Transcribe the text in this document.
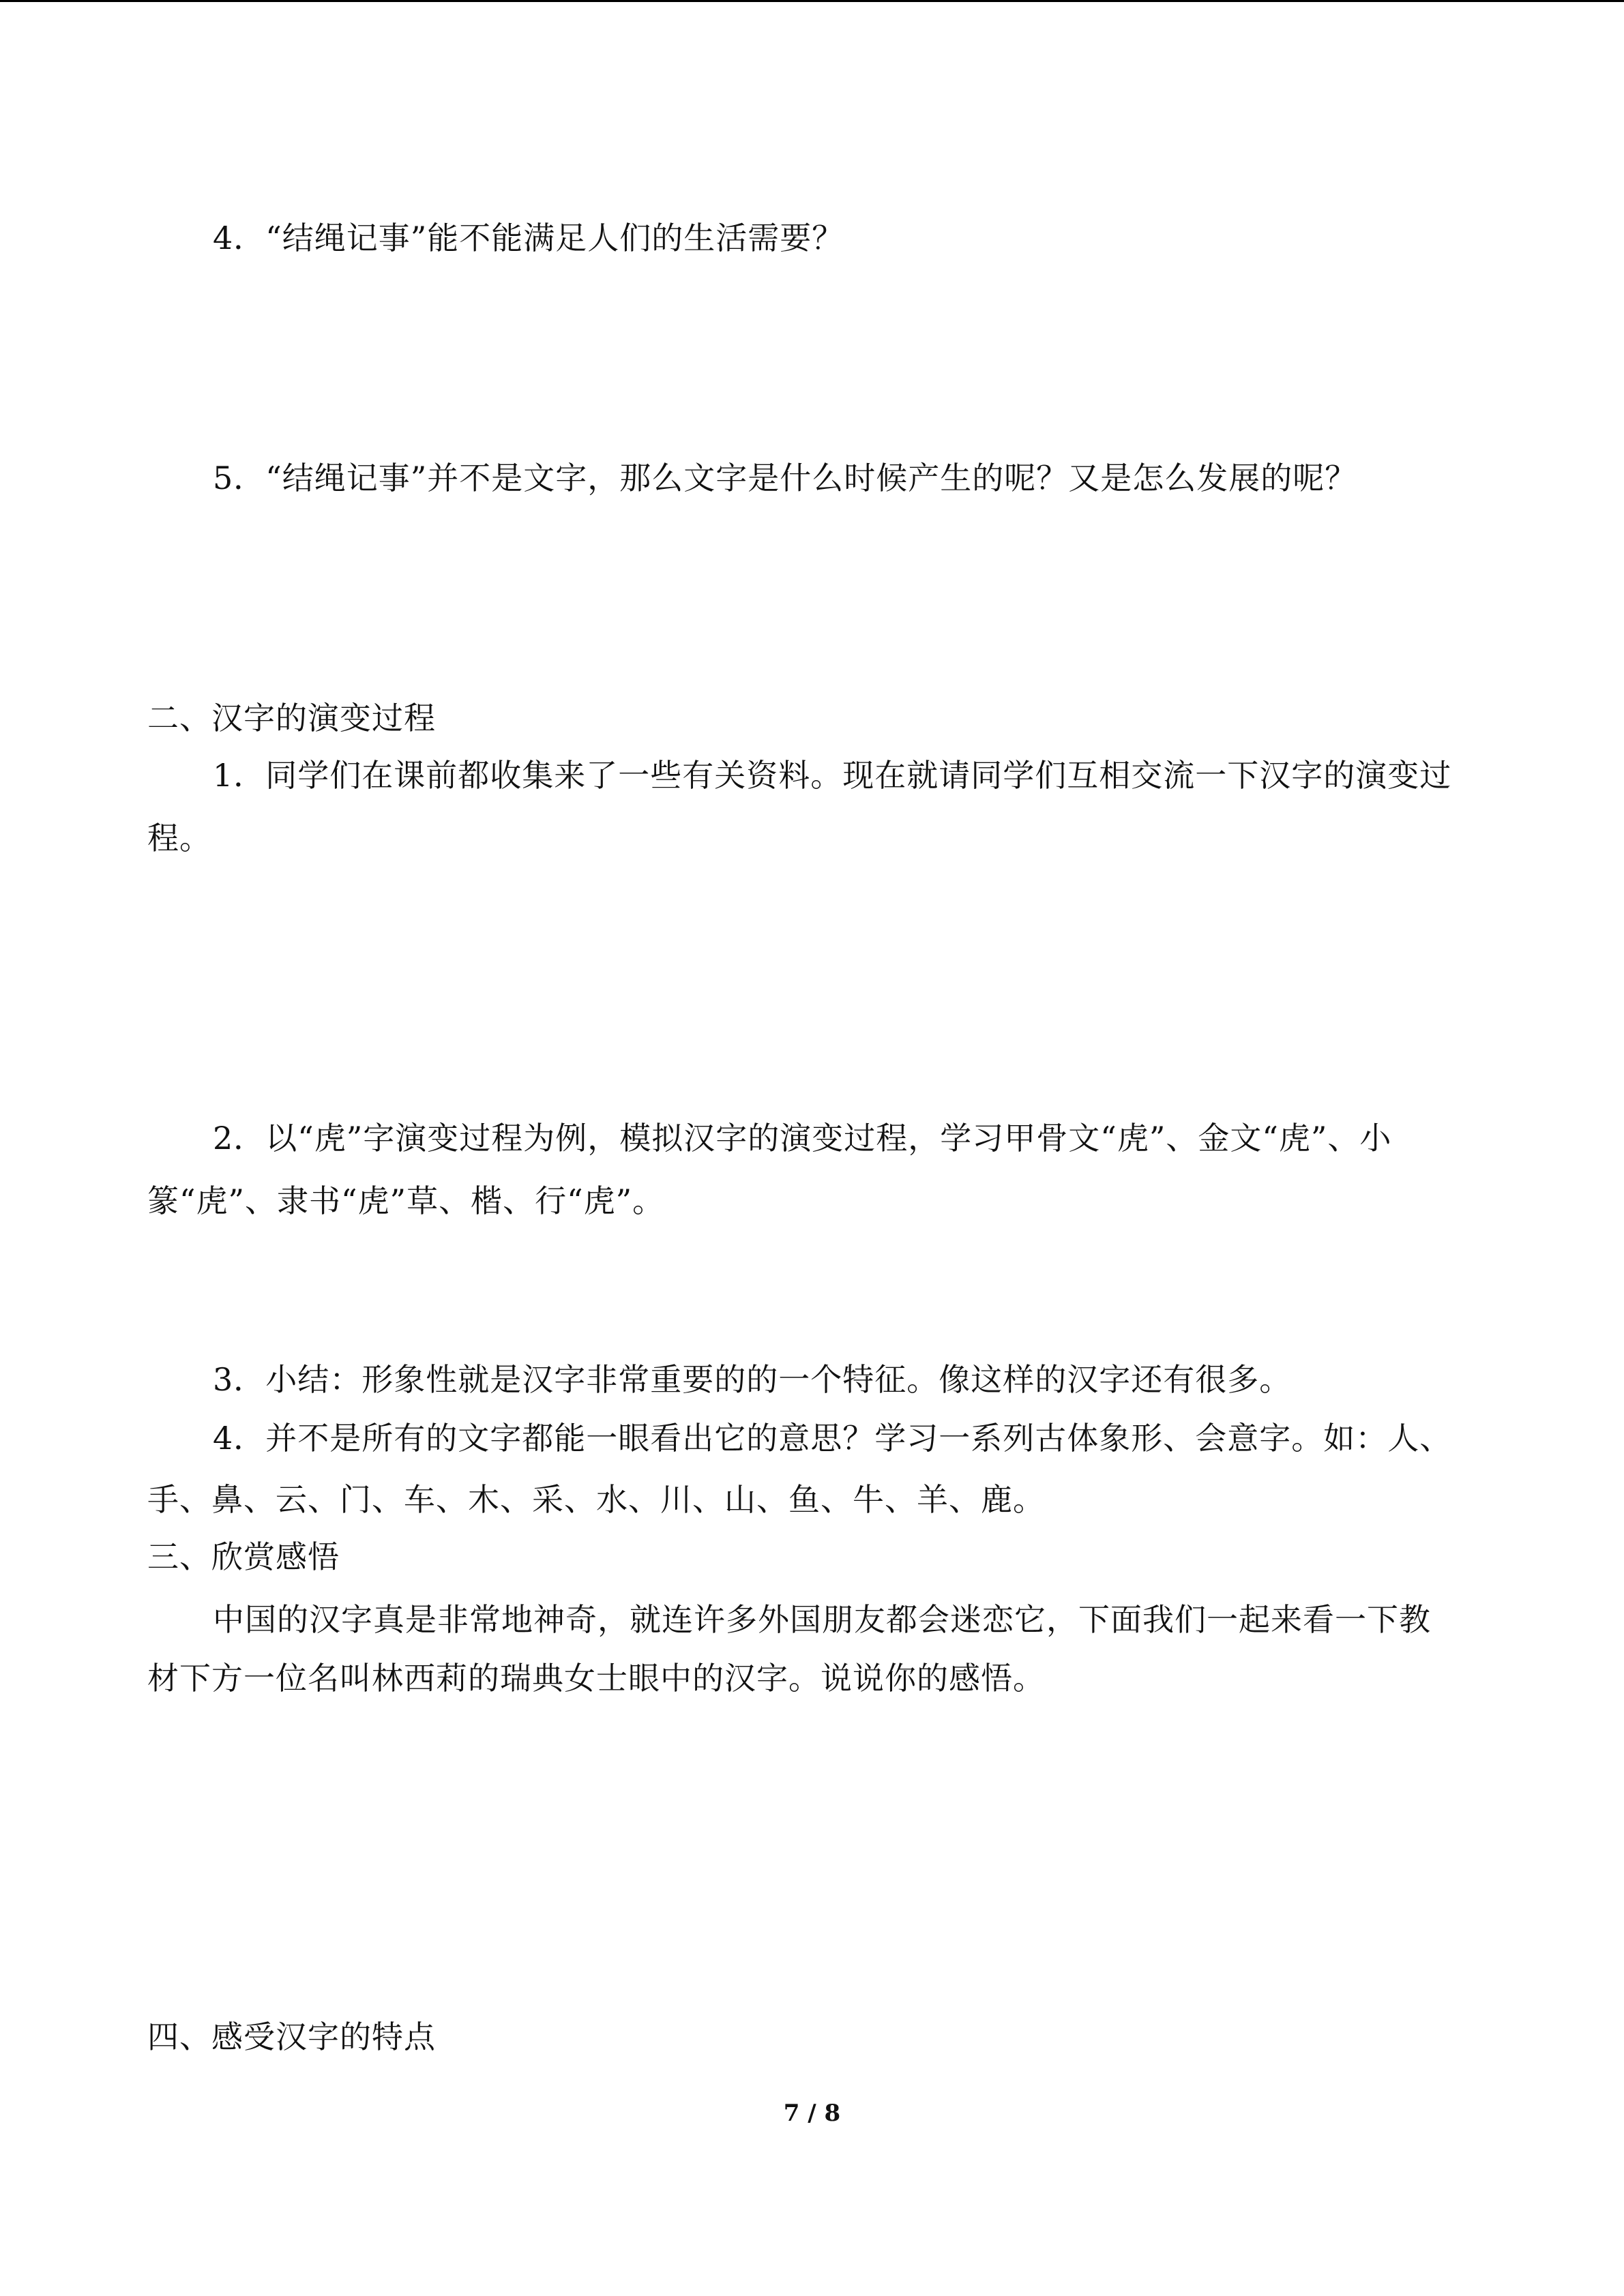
4．“结绳记事”能不能满足人们的生活需要？
5．“结绳记事”并不是文字，那么文字是什么时候产生的呢？又是怎么发展的呢？
二、汉字的演变过程
1．同学们在课前都收集来了一些有关资料。现在就请同学们互相交流一下汉字的演变过
程。
2．以“虎”字演变过程为例，模拟汉字的演变过程，学习甲骨文“虎”、金文“虎”、小
篆“虎”、隶书“虎”草、楷、行“虎”。
3．小结：形象性就是汉字非常重要的的一个特征。像这样的汉字还有很多。
4．并不是所有的文字都能一眼看出它的意思？学习一系列古体象形、会意字。如：人、
手、鼻、云、门、车、木、采、水、川、山、鱼、牛、羊、鹿。
三、欣赏感悟
中国的汉字真是非常地神奇，就连许多外国朋友都会迷恋它，下面我们一起来看一下教
材下方一位名叫林西莉的瑞典女士眼中的汉字。说说你的感悟。
四、感受汉字的特点
7 / 8
